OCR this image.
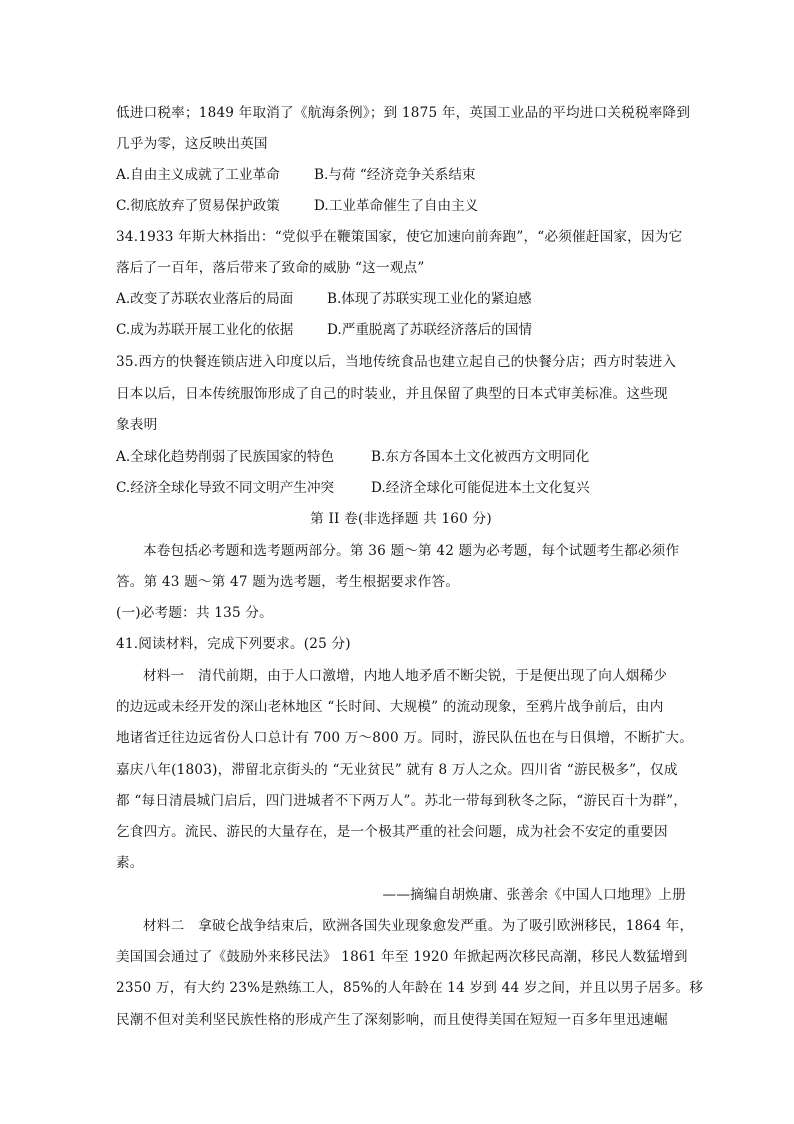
低进口税率；1849 年取消了《航海条例》；到 1875 年，英国工业品的平均进口关税税率降到
几乎为零，这反映出英国
A.自由主义成就了工业革命	B.与荷 “经济竞争关系结束
C.彻底放弃了贸易保护政策	D.工业革命催生了自由主义
34.1933 年斯大林指出：“党似乎在鞭策国家，使它加速向前奔跑”，“必须催赶国家，因为它
落后了一百年，落后带来了致命的威胁 “这一观点”
A.改变了苏联农业落后的局面 B.体现了苏联实现工业化的紧迫感
C.成为苏联开展工业化的依据 D.严重脱离了苏联经济落后的国情
35.西方的快餐连锁店进入印度以后，当地传统食品也建立起自己的快餐分店；西方时装进入
日本以后，日本传统服饰形成了自己的时装业，并且保留了典型的日本式审美标准。这些现
象表明
A.全球化趋势削弱了民族国家的特色	B.东方各国本土文化被西方文明同化
C.经济全球化导致不同文明产生冲突	D.经济全球化可能促进本土文化复兴
第 II 卷(非选择题 共 160 分)
本卷包括必考题和选考题两部分。第 36 题～第 42 题为必考题，每个试题考生都必须作
答。第 43 题～第 47 题为选考题，考生根据要求作答。
(一)必考题：共 135 分。
41.阅读材料，完成下列要求。(25 分)
材料一　清代前期，由于人口激增，内地人地矛盾不断尖锐，于是便出现了向人烟稀少
的边远或未经开发的深山老林地区 “长时间、大规模” 的流动现象，至鸦片战争前后，由内
地诸省迁往边远省份人口总计有 700 万～800 万。同时，游民队伍也在与日俱增，不断扩大。
嘉庆八年(1803)，滞留北京街头的 “无业贫民” 就有 8 万人之众。四川省 “游民极多”，仅成
都 “每日清晨城门启后，四门进城者不下两万人”。苏北一带每到秋冬之际，“游民百十为群”，
乞食四方。流民、游民的大量存在，是一个极其严重的社会问题，成为社会不安定的重要因
素。
——摘编自胡焕庸、张善余《中国人口地理》上册
材料二　拿破仑战争结束后，欧洲各国失业现象愈发严重。为了吸引欧洲移民，1864 年，
美国国会通过了《鼓励外来移民法》 1861 年至 1920 年掀起两次移民高潮，移民人数猛增到
2350 万，有大约 23%是熟练工人，85%的人年龄在 14 岁到 44 岁之间，并且以男子居多。移
民潮不但对美利坚民族性格的形成产生了深刻影响，而且使得美国在短短一百多年里迅速崛
